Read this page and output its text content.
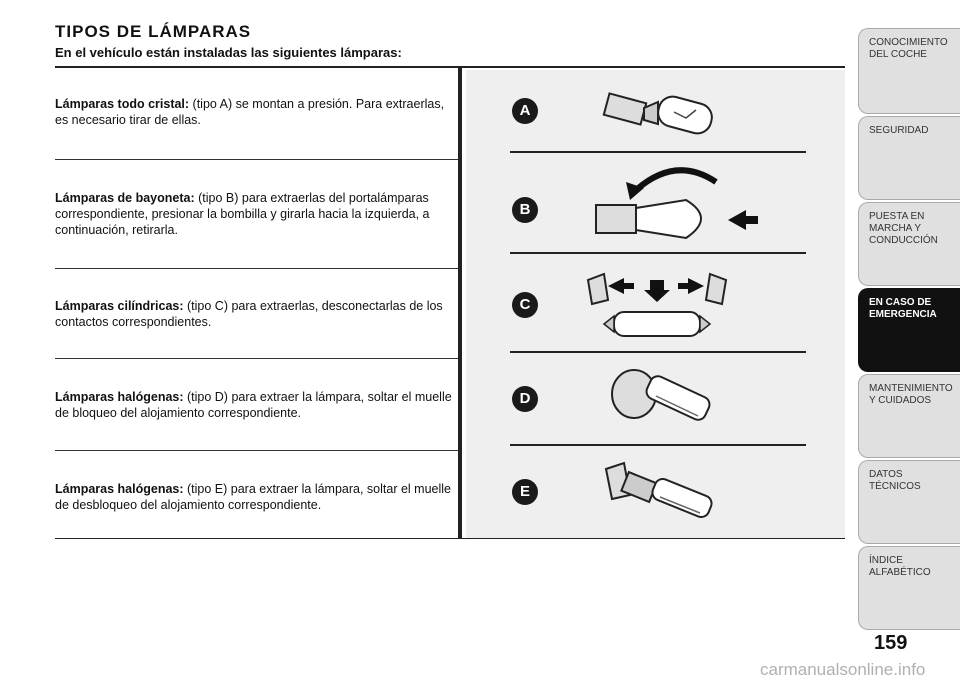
TIPOS DE LÁMPARAS
En el vehículo están instaladas las siguientes lámparas:
Lámparas todo cristal: (tipo A) se montan a presión. Para extraerlas, es necesario tirar de ellas.
Lámparas de bayoneta: (tipo B) para extraerlas del portalámparas correspondiente, presionar la bombilla y girarla hacia la izquierda, a continuación, retirarla.
Lámparas cilíndricas: (tipo C) para extraerlas, desconectarlas de los contactos correspondientes.
Lámparas halógenas: (tipo D) para extraer la lámpara, soltar el muelle de bloqueo del alojamiento correspondiente.
Lámparas halógenas: (tipo E) para extraer la lámpara, soltar el muelle de desbloqueo del alojamiento correspondiente.
A
B
C
D
E
CONOCIMIENTO DEL COCHE
SEGURIDAD
PUESTA EN MARCHA Y CONDUCCIÓN
EN CASO DE EMERGENCIA
MANTENIMIENTO Y CUIDADOS
DATOS TÉCNICOS
ÍNDICE ALFABÉTICO
159
carmanualsonline.info
